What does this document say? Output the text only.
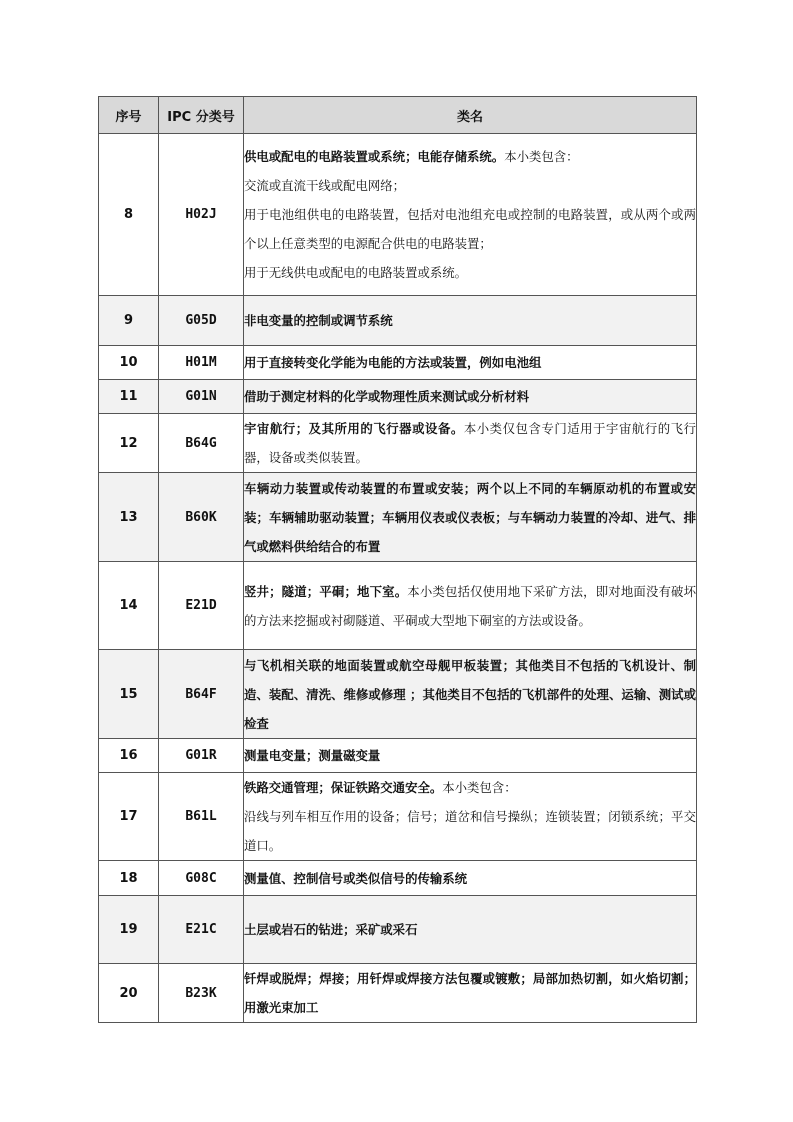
序号	IPC 分类号	类名
8	H02J	供电或配电的电路装置或系统；电能存储系统。本小类包含：
交流或直流干线或配电网络；
用于电池组供电的电路装置，包括对电池组充电或控制的电路装置，或从两个或两个以上任意类型的电源配合供电的电路装置；
用于无线供电或配电的电路装置或系统。

9	G05D	非电变量的控制或调节系统
10	H01M	用于直接转变化学能为电能的方法或装置，例如电池组
11	G01N	借助于测定材料的化学或物理性质来测试或分析材料
12	B64G	宇宙航行；及其所用的飞行器或设备。本小类仅包含专门适用于宇宙航行的飞行器，设备或类似装置。
13	B60K	车辆动力装置或传动装置的布置或安装；两个以上不同的车辆原动机的布置或安装；车辆辅助驱动装置；车辆用仪表或仪表板；与车辆动力装置的冷却、进气、排气或燃料供给结合的布置
14	E21D	竖井；隧道；平硐；地下室。本小类包括仅使用地下采矿方法，即对地面没有破坏的方法来挖掘或衬砌隧道、平硐或大型地下硐室的方法或设备。
15	B64F	与飞机相关联的地面装置或航空母舰甲板装置；其他类目不包括的飞机设计、制造、装配、清洗、维修或修理 ；其他类目不包括的飞机部件的处理、运输、测试或检查
16	G01R	测量电变量；测量磁变量
17	B61L	铁路交通管理；保证铁路交通安全。本小类包含：
沿线与列车相互作用的设备；信号；道岔和信号操纵；连锁装置；闭锁系统；平交道口。

18	G08C	测量值、控制信号或类似信号的传输系统
19	E21C	土层或岩石的钻进；采矿或采石
20	B23K	钎焊或脱焊；焊接；用钎焊或焊接方法包覆或镀敷；局部加热切割，如火焰切割；用激光束加工
